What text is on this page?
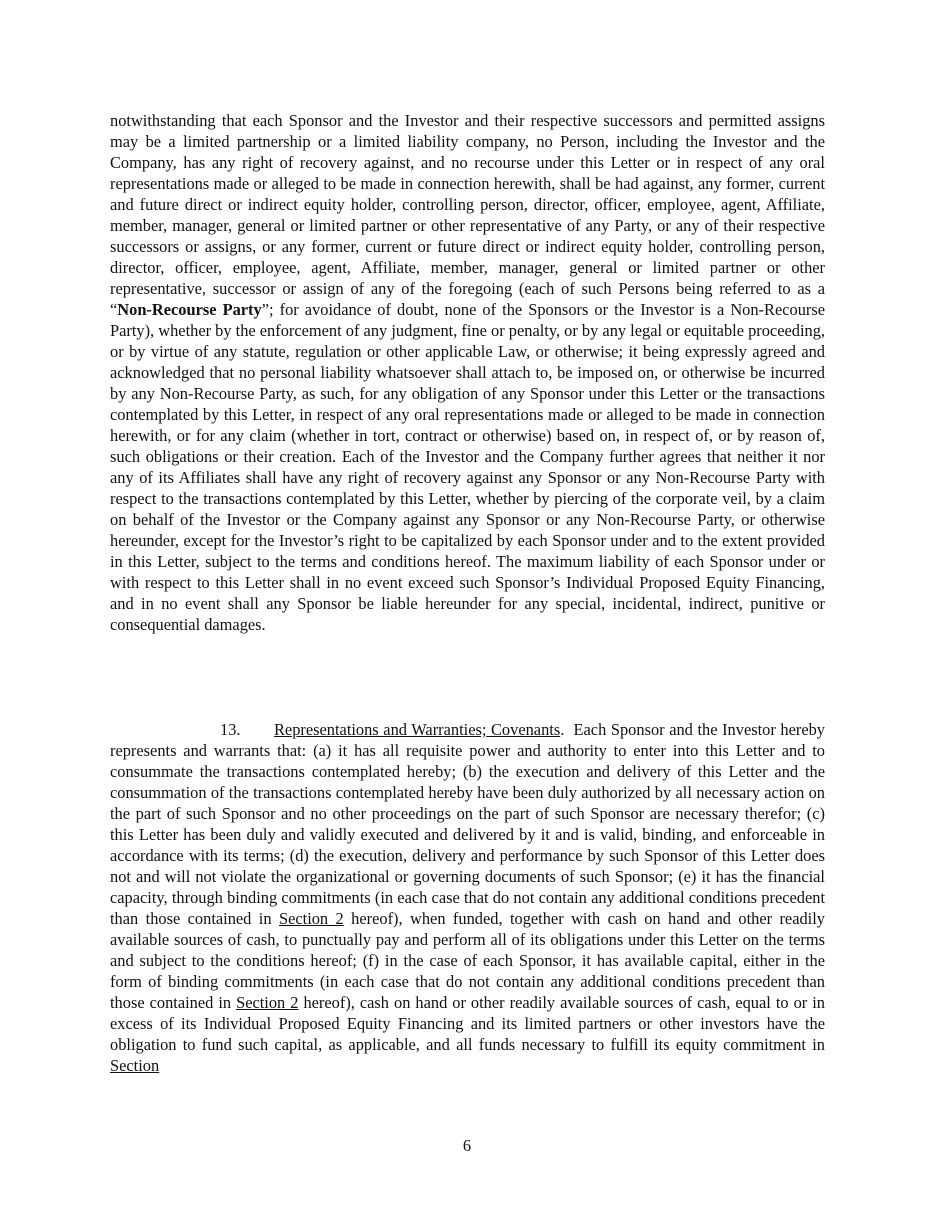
notwithstanding that each Sponsor and the Investor and their respective successors and permitted assigns may be a limited partnership or a limited liability company, no Person, including the Investor and the Company, has any right of recovery against, and no recourse under this Letter or in respect of any oral representations made or alleged to be made in connection herewith, shall be had against, any former, current and future direct or indirect equity holder, controlling person, director, officer, employee, agent, Affiliate, member, manager, general or limited partner or other representative of any Party, or any of their respective successors or assigns, or any former, current or future direct or indirect equity holder, controlling person, director, officer, employee, agent, Affiliate, member, manager, general or limited partner or other representative, successor or assign of any of the foregoing (each of such Persons being referred to as a “Non-Recourse Party”; for avoidance of doubt, none of the Sponsors or the Investor is a Non-Recourse Party), whether by the enforcement of any judgment, fine or penalty, or by any legal or equitable proceeding, or by virtue of any statute, regulation or other applicable Law, or otherwise; it being expressly agreed and acknowledged that no personal liability whatsoever shall attach to, be imposed on, or otherwise be incurred by any Non-Recourse Party, as such, for any obligation of any Sponsor under this Letter or the transactions contemplated by this Letter, in respect of any oral representations made or alleged to be made in connection herewith, or for any claim (whether in tort, contract or otherwise) based on, in respect of, or by reason of, such obligations or their creation. Each of the Investor and the Company further agrees that neither it nor any of its Affiliates shall have any right of recovery against any Sponsor or any Non-Recourse Party with respect to the transactions contemplated by this Letter, whether by piercing of the corporate veil, by a claim on behalf of the Investor or the Company against any Sponsor or any Non-Recourse Party, or otherwise hereunder, except for the Investor’s right to be capitalized by each Sponsor under and to the extent provided in this Letter, subject to the terms and conditions hereof. The maximum liability of each Sponsor under or with respect to this Letter shall in no event exceed such Sponsor’s Individual Proposed Equity Financing, and in no event shall any Sponsor be liable hereunder for any special, incidental, indirect, punitive or consequential damages.

13. Representations and Warranties; Covenants.  Each Sponsor and the Investor hereby represents and warrants that: (a) it has all requisite power and authority to enter into this Letter and to consummate the transactions contemplated hereby; (b) the execution and delivery of this Letter and the consummation of the transactions contemplated hereby have been duly authorized by all necessary action on the part of such Sponsor and no other proceedings on the part of such Sponsor are necessary therefor; (c) this Letter has been duly and validly executed and delivered by it and is valid, binding, and enforceable in accordance with its terms; (d) the execution, delivery and performance by such Sponsor of this Letter does not and will not violate the organizational or governing documents of such Sponsor; (e) it has the financial capacity, through binding commitments (in each case that do not contain any additional conditions precedent than those contained in Section 2 hereof), when funded, together with cash on hand and other readily available sources of cash, to punctually pay and perform all of its obligations under this Letter on the terms and subject to the conditions hereof; (f) in the case of each Sponsor, it has available capital, either in the form of binding commitments (in each case that do not contain any additional conditions precedent than those contained in Section 2 hereof), cash on hand or other readily available sources of cash, equal to or in excess of its Individual Proposed Equity Financing and its limited partners or other investors have the obligation to fund such capital, as applicable, and all funds necessary to fulfill its equity commitment in Section

6
